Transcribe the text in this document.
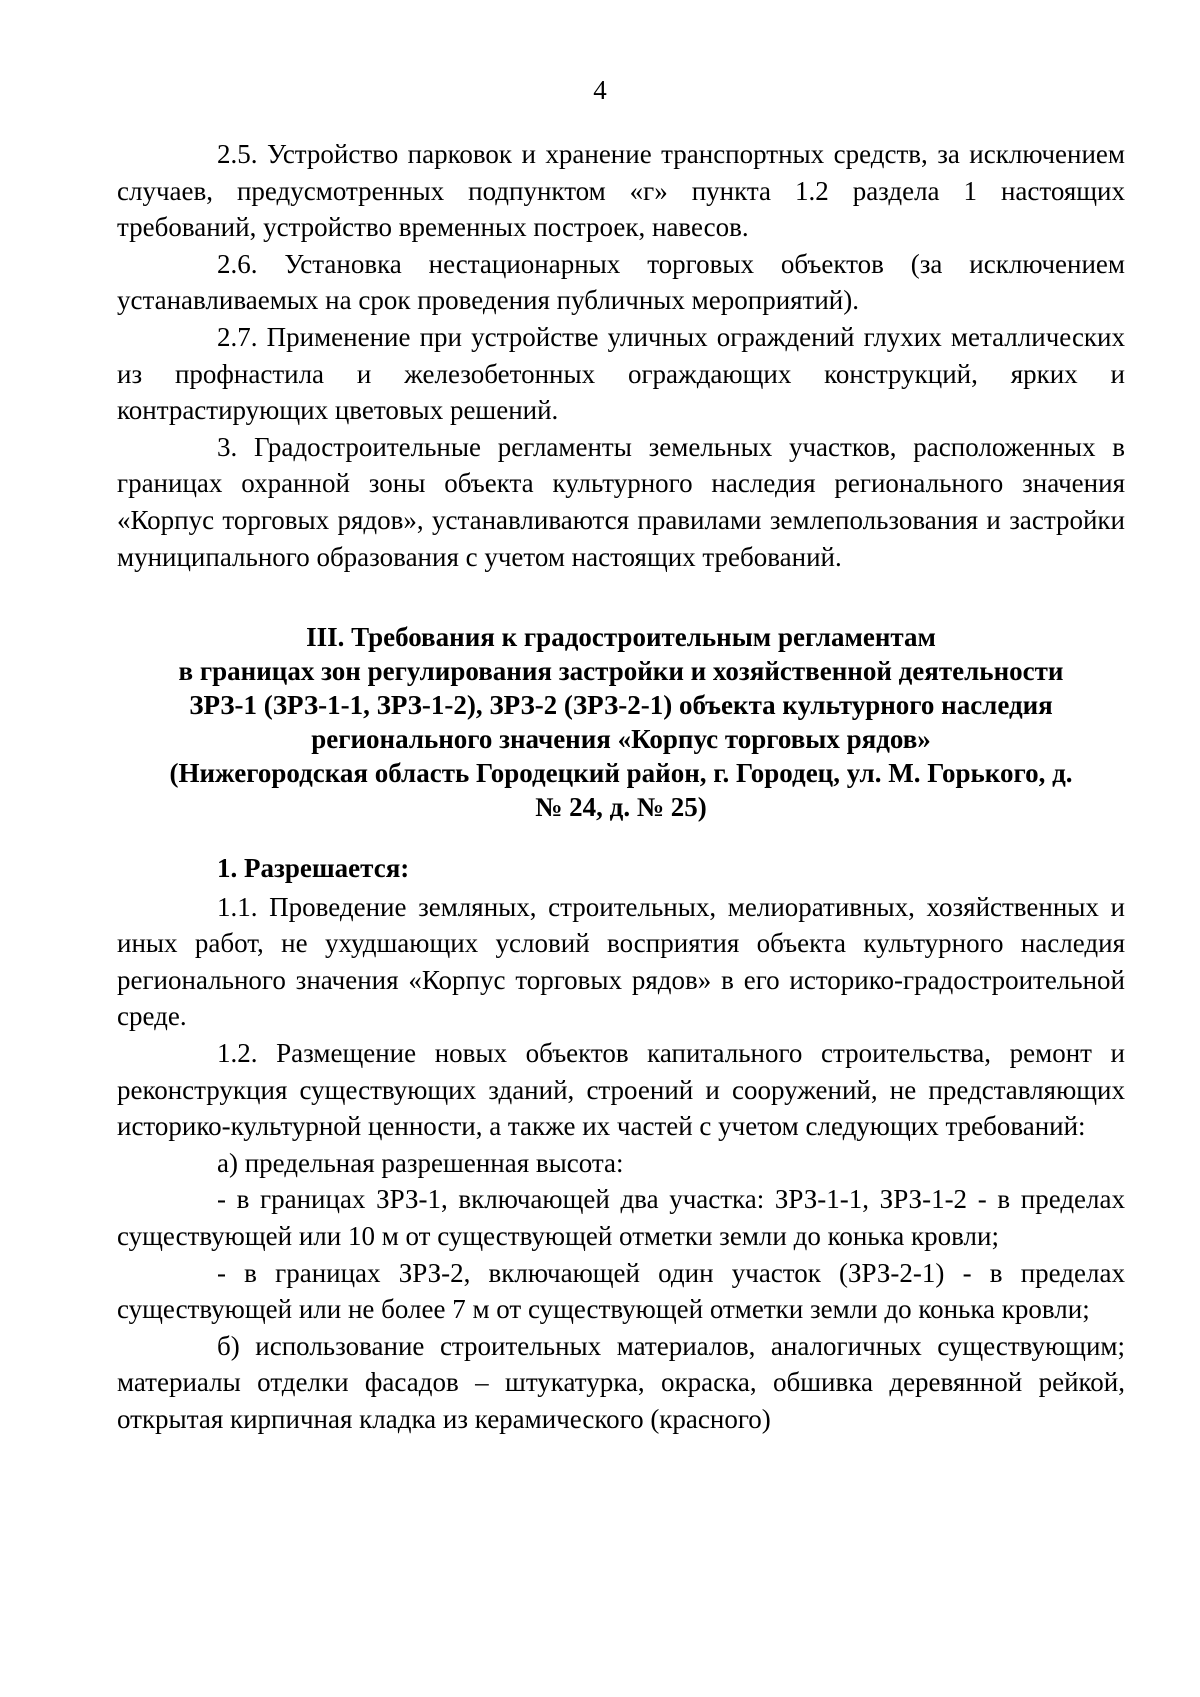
4

2.5. Устройство парковок и хранение транспортных средств, за исключением случаев, предусмотренных подпунктом «г» пункта 1.2 раздела 1 настоящих требований, устройство временных построек, навесов.

2.6. Установка нестационарных торговых объектов (за исключением устанавливаемых на срок проведения публичных мероприятий).

2.7. Применение при устройстве уличных ограждений глухих металлических из профнастила и железобетонных ограждающих конструкций, ярких и контрастирующих цветовых решений.

3. Градостроительные регламенты земельных участков, расположенных в границах охранной зоны объекта культурного наследия регионального значения «Корпус торговых рядов», устанавливаются правилами землепользования и застройки муниципального образования с учетом настоящих требований.

III. Требования к градостроительным регламентам
в границах зон регулирования застройки и хозяйственной деятельности
ЗРЗ-1 (ЗРЗ-1-1, ЗРЗ-1-2), ЗРЗ-2 (ЗРЗ-2-1) объекта культурного наследия
регионального значения «Корпус торговых рядов»
(Нижегородская область Городецкий район, г. Городец, ул. М. Горького, д.
№ 24, д. № 25)

1. Разрешается:

1.1. Проведение земляных, строительных, мелиоративных, хозяйственных и иных работ, не ухудшающих условий восприятия объекта культурного наследия регионального значения «Корпус торговых рядов» в его историко-градостроительной среде.

1.2. Размещение новых объектов капитального строительства, ремонт и реконструкция существующих зданий, строений и сооружений, не представляющих историко-культурной ценности, а также их частей с учетом следующих требований:

а) предельная разрешенная высота:

- в границах ЗРЗ-1, включающей два участка: ЗРЗ-1-1, ЗРЗ-1-2 - в пределах существующей или 10 м от существующей отметки земли до конька кровли;

- в границах ЗРЗ-2, включающей один участок (ЗРЗ-2-1) - в пределах существующей или не более 7 м от существующей отметки земли до конька кровли;

б) использование строительных материалов, аналогичных существующим; материалы отделки фасадов – штукатурка, окраска, обшивка деревянной рейкой, открытая кирпичная кладка из керамического (красного)
